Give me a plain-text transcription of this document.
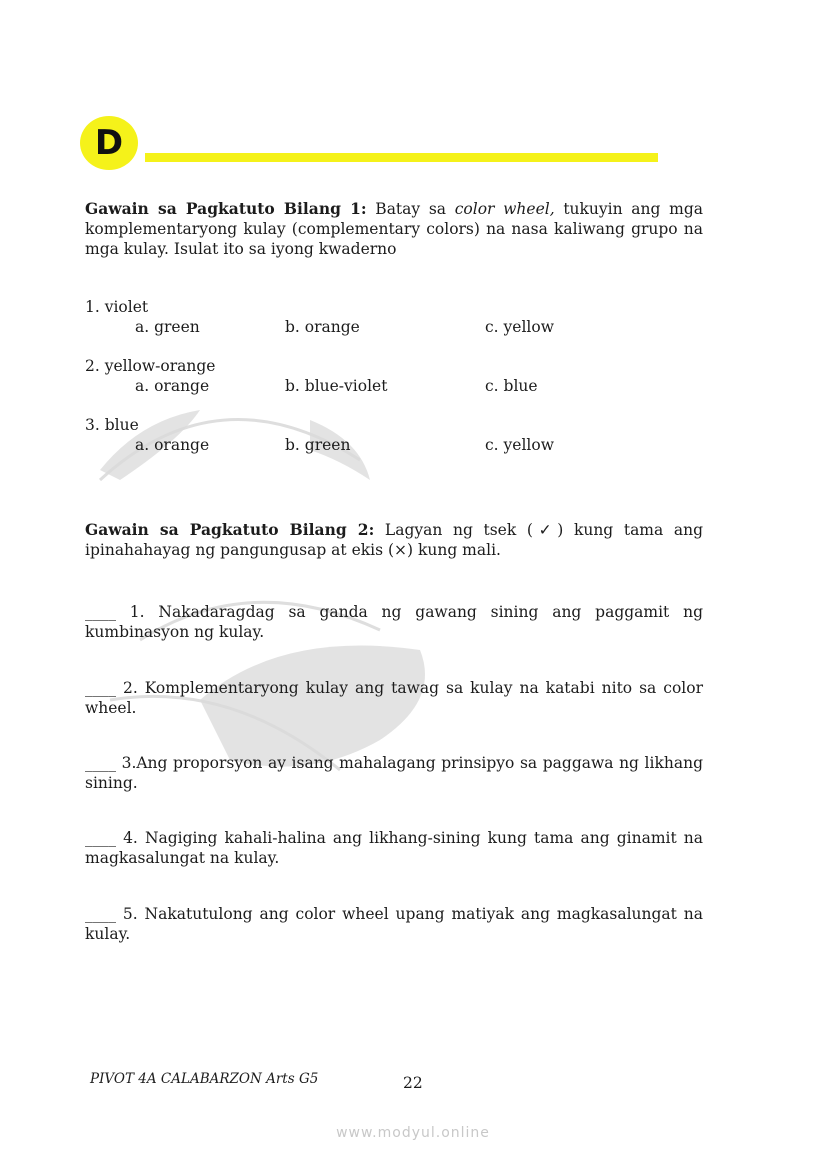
D
Gawain sa Pagkatuto Bilang 1: Batay sa color wheel, tukuyin ang mga komplementaryong kulay (complementary colors) na nasa kaliwang grupo na mga kulay. Isulat ito sa iyong kwaderno
1. violet
a. green	b. orange	c. yellow
2. yellow-orange
a. orange	b. blue-violet	c. blue
3. blue
a. orange	b. green	c. yellow
Gawain sa Pagkatuto Bilang 2: Lagyan ng tsek (✓) kung tama ang ipinahahayag ng pangungusap at ekis (×) kung mali.
____ 1. Nakadaragdag sa ganda ng gawang sining ang paggamit ng kumbinasyon ng kulay.
____ 2. Komplementaryong kulay ang tawag sa kulay na katabi nito sa color wheel.
____ 3.Ang proporsyon ay isang mahalagang prinsipyo sa paggawa ng likhang sining.
____ 4. Nagiging kahali-halina ang likhang-sining kung tama ang ginamit na magkasalungat na kulay.
____ 5. Nakatutulong ang color wheel upang matiyak ang magkasalungat na kulay.
PIVOT 4A CALABARZON Arts G5	22
www.modyul.online
